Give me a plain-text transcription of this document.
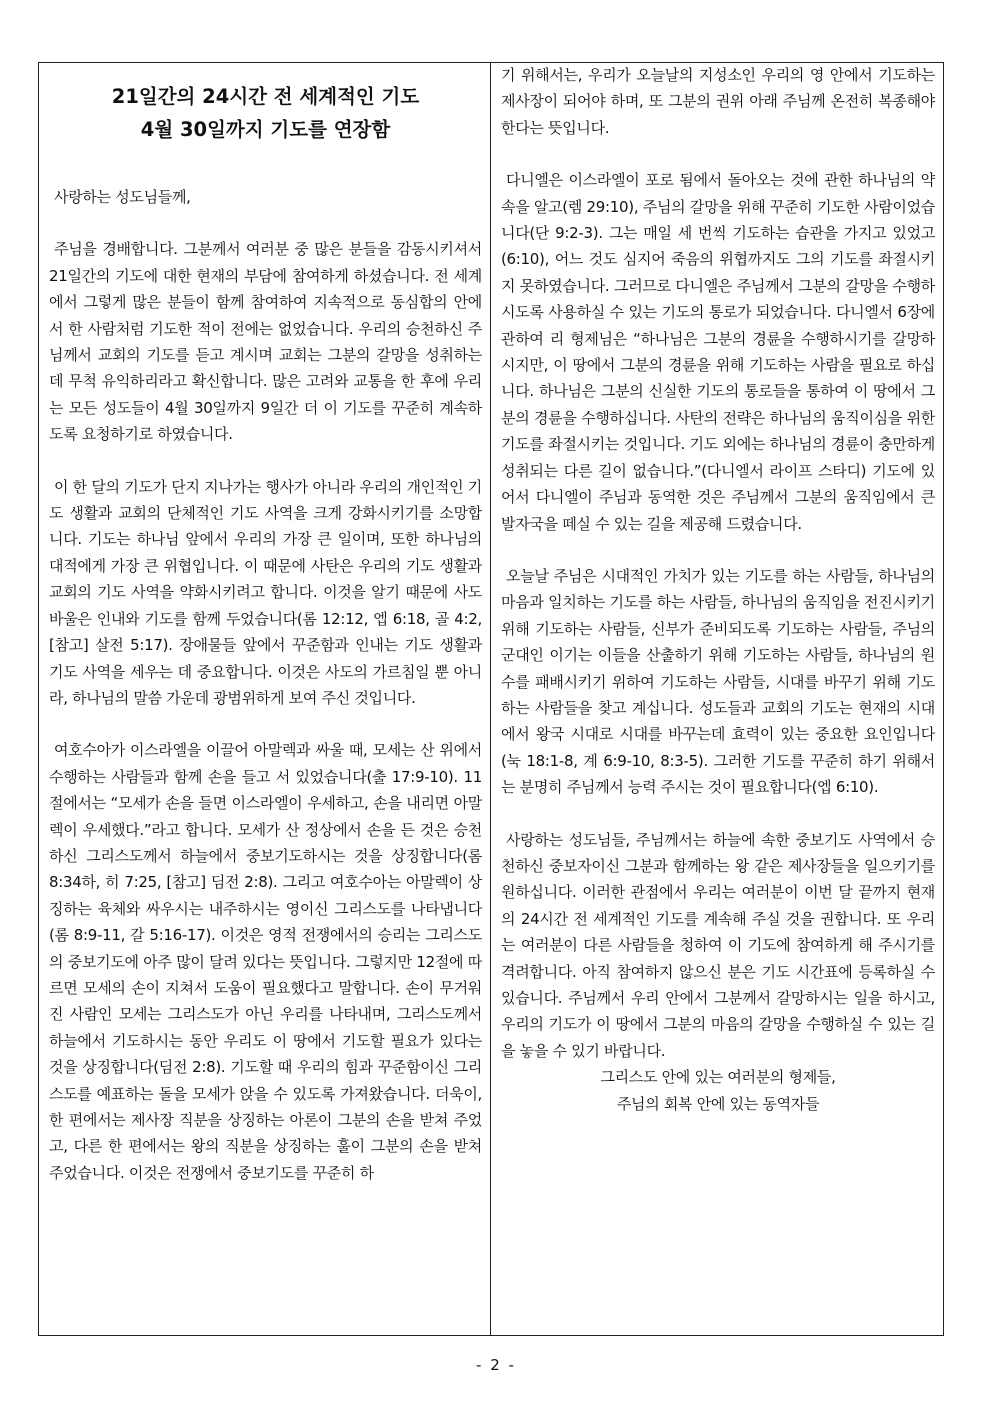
21일간의 24시간 전 세계적인 기도
4월 30일까지 기도를 연장함

사랑하는 성도님들께,

주님을 경배합니다. 그분께서 여러분 중 많은 분들을 감동시키셔서 21일간의 기도에 대한 현재의 부담에 참여하게 하셨습니다. 전 세계에서 그렇게 많은 분들이 함께 참여하여 지속적으로 동심합의 안에서 한 사람처럼 기도한 적이 전에는 없었습니다. 우리의 승천하신 주님께서 교회의 기도를 듣고 계시며 교회는 그분의 갈망을 성취하는데 무척 유익하리라고 확신합니다. 많은 고려와 교통을 한 후에 우리는 모든 성도들이 4월 30일까지 9일간 더 이 기도를 꾸준히 계속하도록 요청하기로 하였습니다.

이 한 달의 기도가 단지 지나가는 행사가 아니라 우리의 개인적인 기도 생활과 교회의 단체적인 기도 사역을 크게 강화시키기를 소망합니다. 기도는 하나님 앞에서 우리의 가장 큰 일이며, 또한 하나님의 대적에게 가장 큰 위협입니다. 이 때문에 사탄은 우리의 기도 생활과 교회의 기도 사역을 약화시키려고 합니다. 이것을 알기 때문에 사도 바울은 인내와 기도를 함께 두었습니다(롬 12:12, 엡 6:18, 골 4:2, [참고] 살전 5:17). 장애물들 앞에서 꾸준함과 인내는 기도 생활과 기도 사역을 세우는 데 중요합니다. 이것은 사도의 가르침일 뿐 아니라, 하나님의 말씀 가운데 광범위하게 보여 주신 것입니다.

여호수아가 이스라엘을 이끌어 아말렉과 싸울 때, 모세는 산 위에서 수행하는 사람들과 함께 손을 들고 서 있었습니다(출 17:9-10). 11절에서는 “모세가 손을 들면 이스라엘이 우세하고, 손을 내리면 아말렉이 우세했다.”라고 합니다. 모세가 산 정상에서 손을 든 것은 승천하신 그리스도께서 하늘에서 중보기도하시는 것을 상징합니다(롬 8:34하, 히 7:25, [참고] 딤전 2:8). 그리고 여호수아는 아말렉이 상징하는 육체와 싸우시는 내주하시는 영이신 그리스도를 나타냅니다(롬 8:9-11, 갈 5:16-17). 이것은 영적 전쟁에서의 승리는 그리스도의 중보기도에 아주 많이 달려 있다는 뜻입니다. 그렇지만 12절에 따르면 모세의 손이 지쳐서 도움이 필요했다고 말합니다. 손이 무거워진 사람인 모세는 그리스도가 아닌 우리를 나타내며, 그리스도께서 하늘에서 기도하시는 동안 우리도 이 땅에서 기도할 필요가 있다는 것을 상징합니다(딤전 2:8). 기도할 때 우리의 힘과 꾸준함이신 그리스도를 예표하는 돌을 모세가 앉을 수 있도록 가져왔습니다. 더욱이, 한 편에서는 제사장 직분을 상징하는 아론이 그분의 손을 받쳐 주었고, 다른 한 편에서는 왕의 직분을 상징하는 훌이 그분의 손을 받쳐 주었습니다. 이것은 전쟁에서 중보기도를 꾸준히 하

기 위해서는, 우리가 오늘날의 지성소인 우리의 영 안에서 기도하는 제사장이 되어야 하며, 또 그분의 권위 아래 주님께 온전히 복종해야 한다는 뜻입니다.

다니엘은 이스라엘이 포로 됨에서 돌아오는 것에 관한 하나님의 약속을 알고(렘 29:10), 주님의 갈망을 위해 꾸준히 기도한 사람이었습니다(단 9:2-3). 그는 매일 세 번씩 기도하는 습관을 가지고 있었고(6:10), 어느 것도 심지어 죽음의 위협까지도 그의 기도를 좌절시키지 못하였습니다. 그러므로 다니엘은 주님께서 그분의 갈망을 수행하시도록 사용하실 수 있는 기도의 통로가 되었습니다. 다니엘서 6장에 관하여 리 형제님은 “하나님은 그분의 경륜을 수행하시기를 갈망하시지만, 이 땅에서 그분의 경륜을 위해 기도하는 사람을 필요로 하십니다. 하나님은 그분의 신실한 기도의 통로들을 통하여 이 땅에서 그분의 경륜을 수행하십니다. 사탄의 전략은 하나님의 움직이심을 위한 기도를 좌절시키는 것입니다. 기도 외에는 하나님의 경륜이 충만하게 성취되는 다른 길이 없습니다.”(다니엘서 라이프 스타디) 기도에 있어서 다니엘이 주님과 동역한 것은 주님께서 그분의 움직임에서 큰 발자국을 떼실 수 있는 길을 제공해 드렸습니다.

오늘날 주님은 시대적인 가치가 있는 기도를 하는 사람들, 하나님의 마음과 일치하는 기도를 하는 사람들, 하나님의 움직임을 전진시키기 위해 기도하는 사람들, 신부가 준비되도록 기도하는 사람들, 주님의 군대인 이기는 이들을 산출하기 위해 기도하는 사람들, 하나님의 원수를 패배시키기 위하여 기도하는 사람들, 시대를 바꾸기 위해 기도하는 사람들을 찾고 계십니다. 성도들과 교회의 기도는 현재의 시대에서 왕국 시대로 시대를 바꾸는데 효력이 있는 중요한 요인입니다(눅 18:1-8, 계 6:9-10, 8:3-5). 그러한 기도를 꾸준히 하기 위해서는 분명히 주님께서 능력 주시는 것이 필요합니다(엡 6:10).

사랑하는 성도님들, 주님께서는 하늘에 속한 중보기도 사역에서 승천하신 중보자이신 그분과 함께하는 왕 같은 제사장들을 일으키기를 원하십니다. 이러한 관점에서 우리는 여러분이 이번 달 끝까지 현재의 24시간 전 세계적인 기도를 계속해 주실 것을 권합니다. 또 우리는 여러분이 다른 사람들을 청하여 이 기도에 참여하게 해 주시기를 격려합니다. 아직 참여하지 않으신 분은 기도 시간표에 등록하실 수 있습니다. 주님께서 우리 안에서 그분께서 갈망하시는 일을 하시고, 우리의 기도가 이 땅에서 그분의 마음의 갈망을 수행하실 수 있는 길을 놓을 수 있기 바랍니다.

그리스도 안에 있는 여러분의 형제들,

주님의 회복 안에 있는 동역자들

- 2 -
